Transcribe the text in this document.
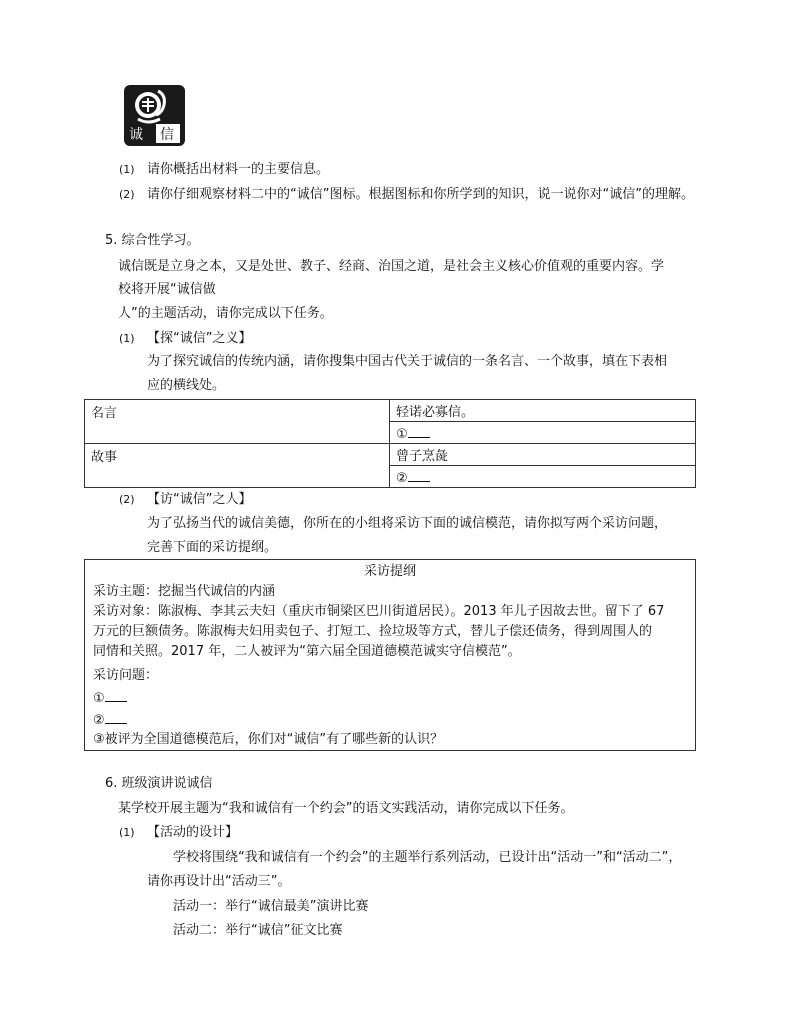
诚 信
(1) 请你概括出材料一的主要信息。
(2) 请你仔细观察材料二中的“诚信”图标。根据图标和你所学到的知识，说一说你对“诚信”的理解。
5. 综合性学习。
诚信既是立身之本，又是处世、教子、经商、治国之道，是社会主义核心价值观的重要内容。学
校将开展“诚信做
人”的主题活动，请你完成以下任务。
(1) 【探“诚信”之义】
为了探究诚信的传统内涵，请你搜集中国古代关于诚信的一条名言、一个故事，填在下表相
应的横线处。
名言	轻诺必寡信。
	①
故事	曾子烹彘
	②
(2) 【访“诚信”之人】
为了弘扬当代的诚信美德，你所在的小组将采访下面的诚信模范，请你拟写两个采访问题，
完善下面的采访提纲。
采访提纲
采访主题：挖掘当代诚信的内涵
采访对象：陈淑梅、李其云夫妇（重庆市铜梁区巴川街道居民）。2013 年儿子因故去世。留下了 67
万元的巨额债务。陈淑梅夫妇用卖包子、打短工、捡垃圾等方式，替儿子偿还债务，得到周围人的
同情和关照。2017 年，二人被评为“第六届全国道德模范诚实守信模范”。
采访问题：
①
②
③被评为全国道德模范后，你们对“诚信”有了哪些新的认识？
6. 班级演讲说诚信
某学校开展主题为“我和诚信有一个约会”的语文实践活动，请你完成以下任务。
(1) 【活动的设计】
学校将围绕“我和诚信有一个约会”的主题举行系列活动，已设计出“活动一”和“活动二”，
请你再设计出“活动三”。
活动一：举行“诚信最美”演讲比赛
活动二：举行“诚信”征文比赛
